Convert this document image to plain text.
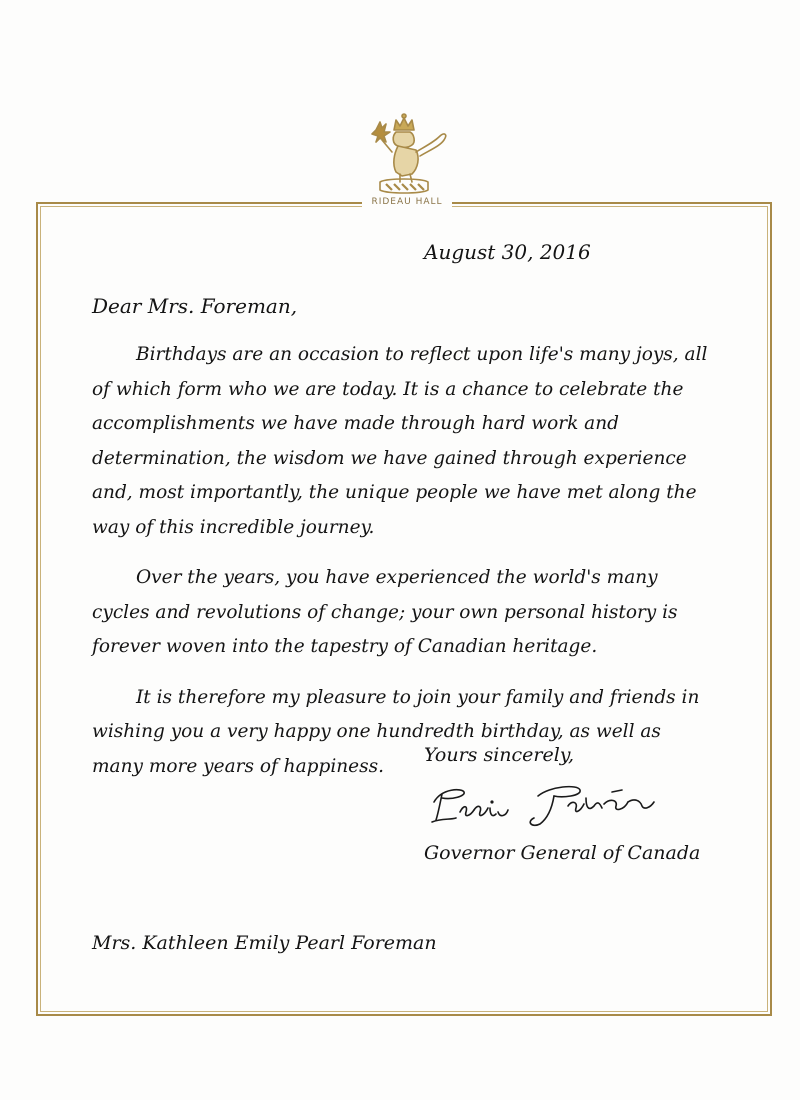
RIDEAU HALL
August 30, 2016
Dear Mrs. Foreman,

Birthdays are an occasion to reflect upon life's many joys, all of which form who we are today. It is a chance to celebrate the accomplishments we have made through hard work and determination, the wisdom we have gained through experience and, most importantly, the unique people we have met along the way of this incredible journey.

Over the years, you have experienced the world's many cycles and revolutions of change; your own personal history is forever woven into the tapestry of Canadian heritage.

It is therefore my pleasure to join your family and friends in wishing you a very happy one hundredth birthday, as well as many more years of happiness.	Yours sincerely,
Governor General of Canada
Mrs. Kathleen Emily Pearl Foreman
